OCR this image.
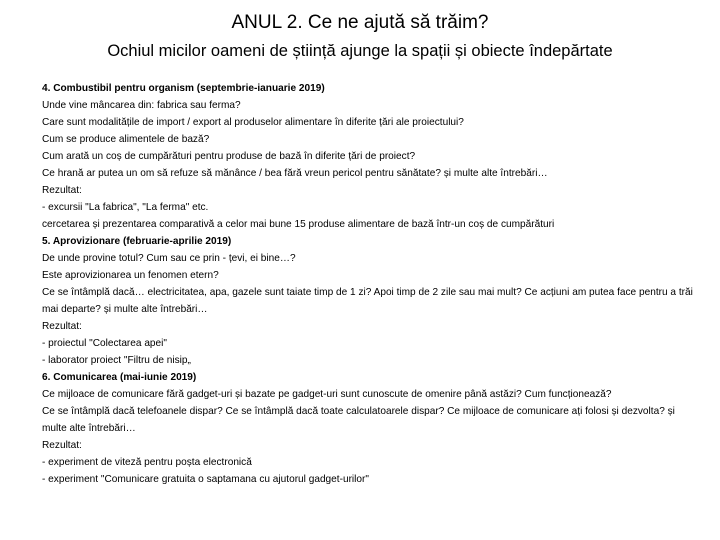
ANUL 2. Ce ne ajută să trăim?
Ochiul micilor oameni de știință ajunge la spații și obiecte îndepărtate
4. Combustibil pentru organism (septembrie-ianuarie 2019)
Unde vine mâncarea din: fabrica sau ferma?
Care sunt modalitățile de import / export al produselor alimentare în diferite țări ale proiectului?
Cum se produce alimentele de bază?
Cum arată un coș de cumpărături pentru produse de bază în diferite țări de proiect?
Ce hrană ar putea un om să refuze să mănânce / bea fără vreun pericol pentru sănătate? și multe alte întrebări…
Rezultat:
- excursii "La fabrica", "La ferma" etc.
cercetarea și prezentarea comparativă a celor mai bune 15 produse alimentare de bază într-un coș de cumpărături
5. Aprovizionare (februarie-aprilie 2019)
De unde provine totul? Cum sau ce prin - țevi, ei bine…?
Este aprovizionarea un fenomen etern?
Ce se întâmplă dacă… electricitatea, apa, gazele sunt taiate timp de 1 zi? Apoi timp de 2 zile sau mai mult? Ce acțiuni am putea face pentru a trăi mai departe? și multe alte întrebări…
Rezultat:
- proiectul "Colectarea apei"
- laborator proiect "Filtru de nisip„
6. Comunicarea (mai-iunie 2019)
Ce mijloace de comunicare fără gadget-uri și bazate pe gadget-uri sunt cunoscute de omenire până astăzi? Cum funcționează?
Ce se întâmplă dacă telefoanele dispar? Ce se întâmplă dacă toate calculatoarele dispar? Ce mijloace de comunicare ați folosi și dezvolta? și multe alte întrebări…
Rezultat:
- experiment de viteză pentru poșta electronică
- experiment "Comunicare gratuita o saptamana cu ajutorul gadget-urilor"
